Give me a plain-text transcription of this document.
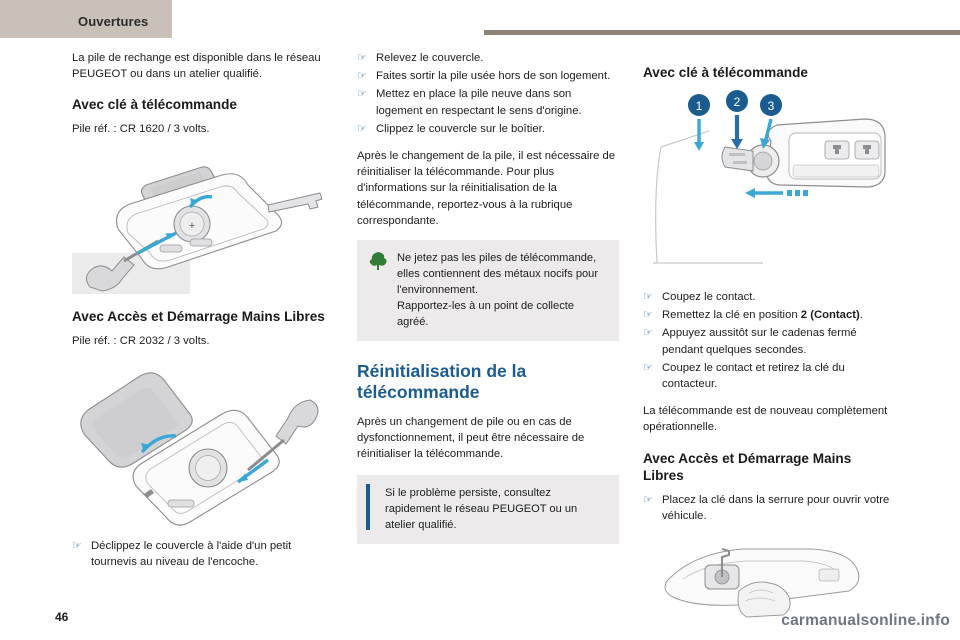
Ouvertures

La pile de rechange est disponible dans le réseau PEUGEOT ou dans un atelier qualifié.

Avec clé à télécommande

Pile réf. : CR 1620 / 3 volts.

+
Avec Accès et Démarrage Mains Libres

Pile réf. : CR 2032 / 3 volts.

☞ Déclippez le couvercle à l'aide d'un petit tournevis au niveau de l'encoche.
☞ Relevez le couvercle.
☞ Faites sortir la pile usée hors de son logement.
☞ Mettez en place la pile neuve dans son logement en respectant le sens d'origine.
☞ Clippez le couvercle sur le boîtier.

Après le changement de la pile, il est nécessaire de réinitialiser la télécommande. Pour plus d'informations sur la réinitialisation de la télécommande, reportez-vous à la rubrique correspondante.

Ne jetez pas les piles de télécommande, elles contiennent des métaux nocifs pour l'environnement.
Rapportez-les à un point de collecte agréé.
Réinitialisation de la télécommande

Après un changement de pile ou en cas de dysfonctionnement, il peut être nécessaire de réinitialiser la télécommande.

Si le problème persiste, consultez rapidement le réseau PEUGEOT ou un atelier qualifié.
Avec clé à télécommande
1	2 3
☞ Coupez le contact.
☞ Remettez la clé en position 2 (Contact).
☞ Appuyez aussitôt sur le cadenas fermé pendant quelques secondes.
☞ Coupez le contact et retirez la clé du contacteur.

La télécommande est de nouveau complètement opérationnelle.

Avec Accès et Démarrage Mains Libres
☞ Placez la clé dans la serrure pour ouvrir votre véhicule.
46	carmanualsonline.info
